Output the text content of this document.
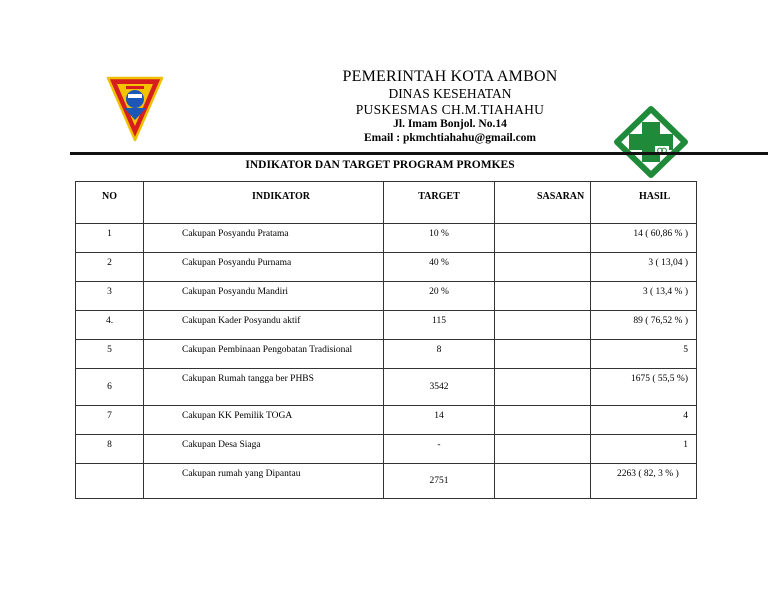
PEMERINTAH KOTA AMBON
DINAS KESEHATAN
PUSKESMAS CH.M.TIAHAHU
Jl. Imam Bonjol. No.14
Email : pkmchtiahahu@gmail.com
INDIKATOR DAN TARGET PROGRAM PROMKES
NO	INDIKATOR	TARGET	SASARAN	HASIL
1	Cakupan Posyandu Pratama	10 %		14 ( 60,86 % )
2	Cakupan Posyandu Purnama	40 %		3 ( 13,04 )
3	Cakupan Posyandu Mandiri	20 %		3 ( 13,4 % )
4.	Cakupan Kader Posyandu aktif	115		89 ( 76,52 % )
5	Cakupan Pembinaan Pengobatan Tradisional	8		5
6	Cakupan Rumah tangga ber PHBS	3542		1675 ( 55,5 %)
7	Cakupan KK Pemilik TOGA	14		4
8	Cakupan Desa Siaga	-		1
	Cakupan rumah yang Dipantau	2751		2263 ( 82, 3 % )
